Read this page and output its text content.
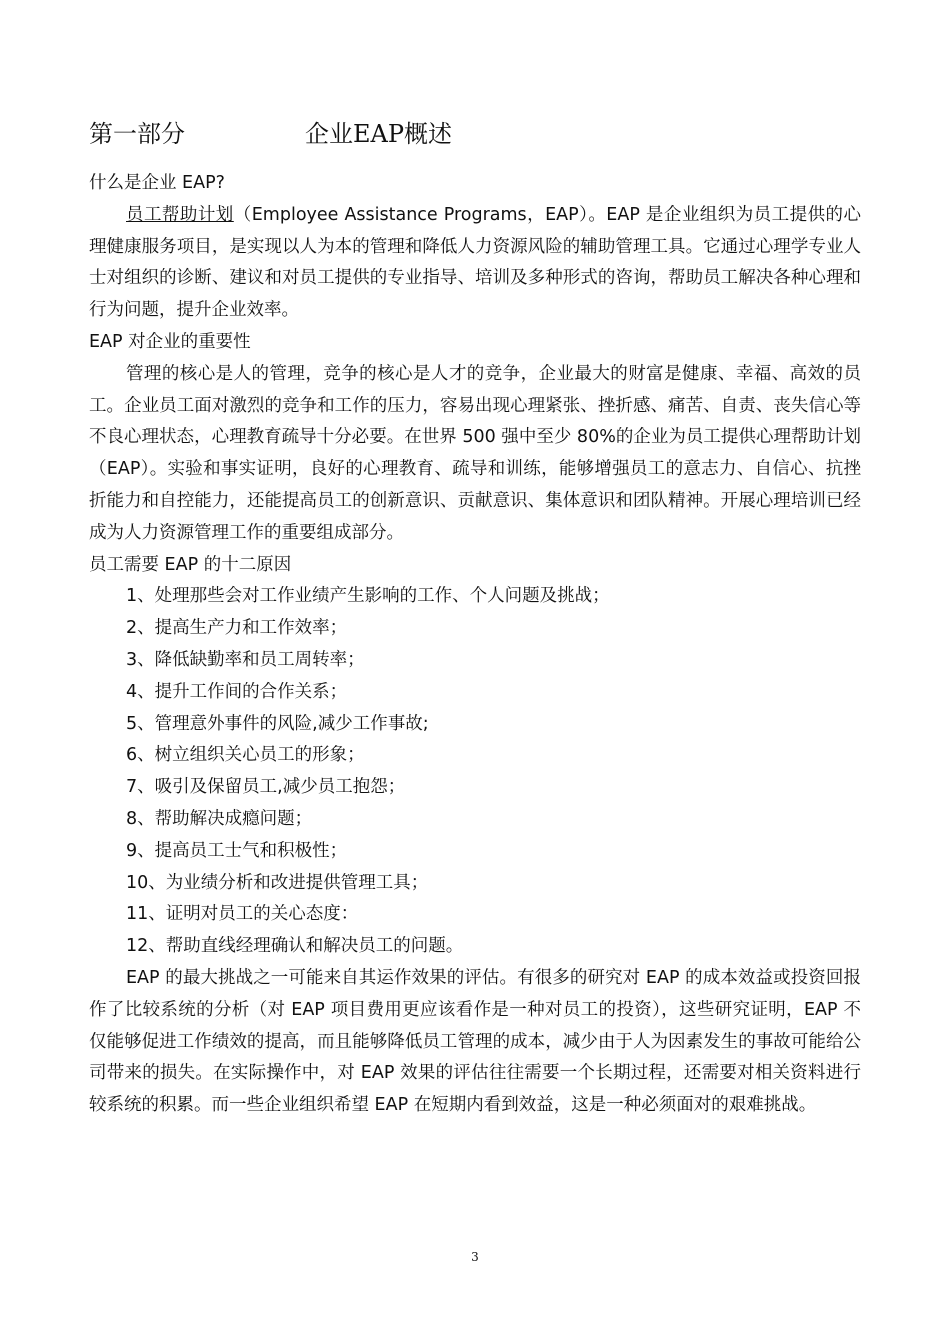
第一部分	企业EAP概述

什么是企业 EAP?

员工帮助计划（Employee Assistance Programs，EAP）。EAP 是企业组织为员工提供的心理健康服务项目，是实现以人为本的管理和降低人力资源风险的辅助管理工具。它通过心理学专业人士对组织的诊断、建议和对员工提供的专业指导、培训及多种形式的咨询，帮助员工解决各种心理和行为问题，提升企业效率。

EAP 对企业的重要性

管理的核心是人的管理，竞争的核心是人才的竞争，企业最大的财富是健康、幸福、高效的员工。企业员工面对激烈的竞争和工作的压力，容易出现心理紧张、挫折感、痛苦、自责、丧失信心等不良心理状态，心理教育疏导十分必要。在世界 500 强中至少 80%的企业为员工提供心理帮助计划（EAP）。实验和事实证明，良好的心理教育、疏导和训练，能够增强员工的意志力、自信心、抗挫折能力和自控能力，还能提高员工的创新意识、贡献意识、集体意识和团队精神。开展心理培训已经成为人力资源管理工作的重要组成部分。

员工需要 EAP 的十二原因

1、处理那些会对工作业绩产生影响的工作、个人问题及挑战；
2、提高生产力和工作效率；
3、降低缺勤率和员工周转率；
4、提升工作间的合作关系；
5、管理意外事件的风险,减少工作事故;
6、树立组织关心员工的形象；
7、吸引及保留员工,减少员工抱怨；
8、帮助解决成瘾问题；
9、提高员工士气和积极性；
10、为业绩分析和改进提供管理工具；
11、证明对员工的关心态度：
12、帮助直线经理确认和解决员工的问题。

EAP 的最大挑战之一可能来自其运作效果的评估。有很多的研究对 EAP 的成本效益或投资回报作了比较系统的分析（对 EAP 项目费用更应该看作是一种对员工的投资），这些研究证明，EAP 不仅能够促进工作绩效的提高，而且能够降低员工管理的成本，减少由于人为因素发生的事故可能给公司带来的损失。在实际操作中，对 EAP 效果的评估往往需要一个长期过程，还需要对相关资料进行较系统的积累。而一些企业组织希望 EAP 在短期内看到效益，这是一种必须面对的艰难挑战。

3
